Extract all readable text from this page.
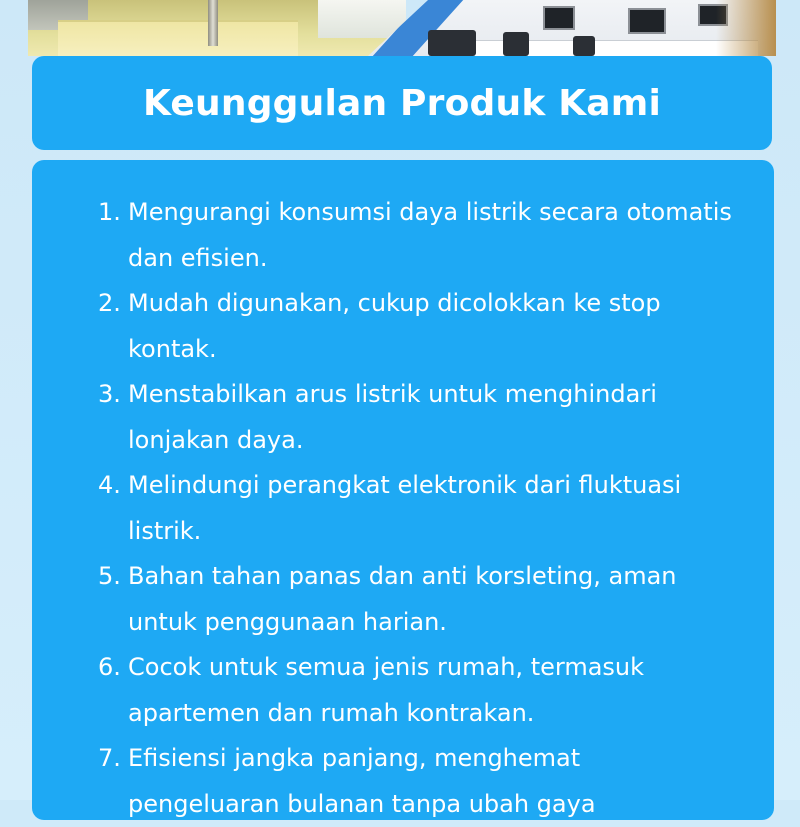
Keunggulan Produk Kami
1. Mengurangi konsumsi daya listrik secara otomatis dan efisien.
2. Mudah digunakan, cukup dicolokkan ke stop kontak.
3. Menstabilkan arus listrik untuk menghindari lonjakan daya.
4. Melindungi perangkat elektronik dari fluktuasi listrik.
5. Bahan tahan panas dan anti korsleting, aman untuk penggunaan harian.
6. Cocok untuk semua jenis rumah, termasuk apartemen dan rumah kontrakan.
7. Efisiensi jangka panjang, menghemat pengeluaran bulanan tanpa ubah gaya
